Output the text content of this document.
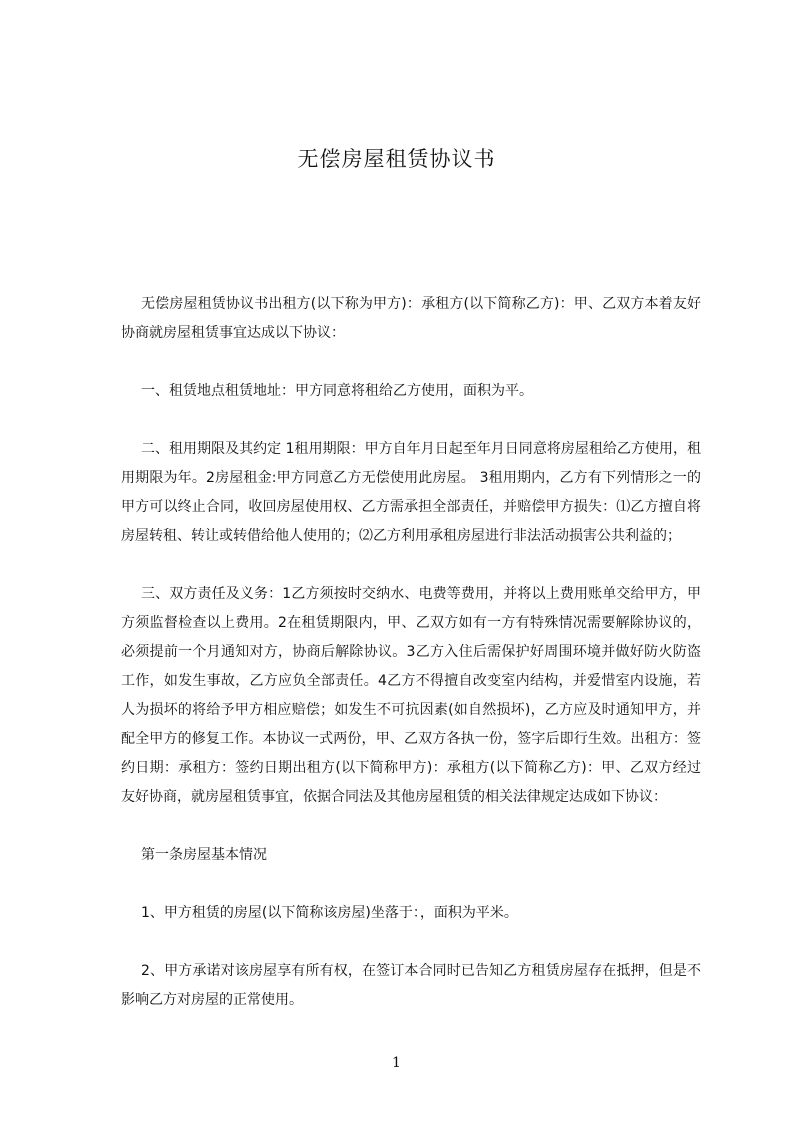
无偿房屋租赁协议书

无偿房屋租赁协议书出租方(以下称为甲方)：承租方(以下简称乙方)：甲、乙双方本着友好协商就房屋租赁事宜达成以下协议：

一、租赁地点租赁地址：甲方同意将租给乙方使用，面积为平。

二、租用期限及其约定 1租用期限：甲方自年月日起至年月日同意将房屋租给乙方使用，租用期限为年。2房屋租金:甲方同意乙方无偿使用此房屋。 3租用期内，乙方有下列情形之一的甲方可以终止合同，收回房屋使用权、乙方需承担全部责任，并赔偿甲方损失：⑴乙方擅自将房屋转租、转让或转借给他人使用的；⑵乙方利用承租房屋进行非法活动损害公共利益的；

三、双方责任及义务：1乙方须按时交纳水、电费等费用，并将以上费用账单交给甲方，甲方须监督检查以上费用。2在租赁期限内，甲、乙双方如有一方有特殊情况需要解除协议的，必须提前一个月通知对方，协商后解除协议。3乙方入住后需保护好周围环境并做好防火防盗工作，如发生事故，乙方应负全部责任。4乙方不得擅自改变室内结构，并爱惜室内设施，若人为损坏的将给予甲方相应赔偿；如发生不可抗因素(如自然损坏)，乙方应及时通知甲方，并配全甲方的修复工作。本协议一式两份，甲、乙双方各执一份，签字后即行生效。出租方：签约日期：承租方：签约日期出租方(以下简称甲方)：承租方(以下简称乙方)：甲、乙双方经过友好协商，就房屋租赁事宜，依据合同法及其他房屋租赁的相关法律规定达成如下协议：

第一条房屋基本情况

1、甲方租赁的房屋(以下简称该房屋)坐落于：，面积为平米。

2、甲方承诺对该房屋享有所有权，在签订本合同时已告知乙方租赁房屋存在抵押，但是不影响乙方对房屋的正常使用。

1
